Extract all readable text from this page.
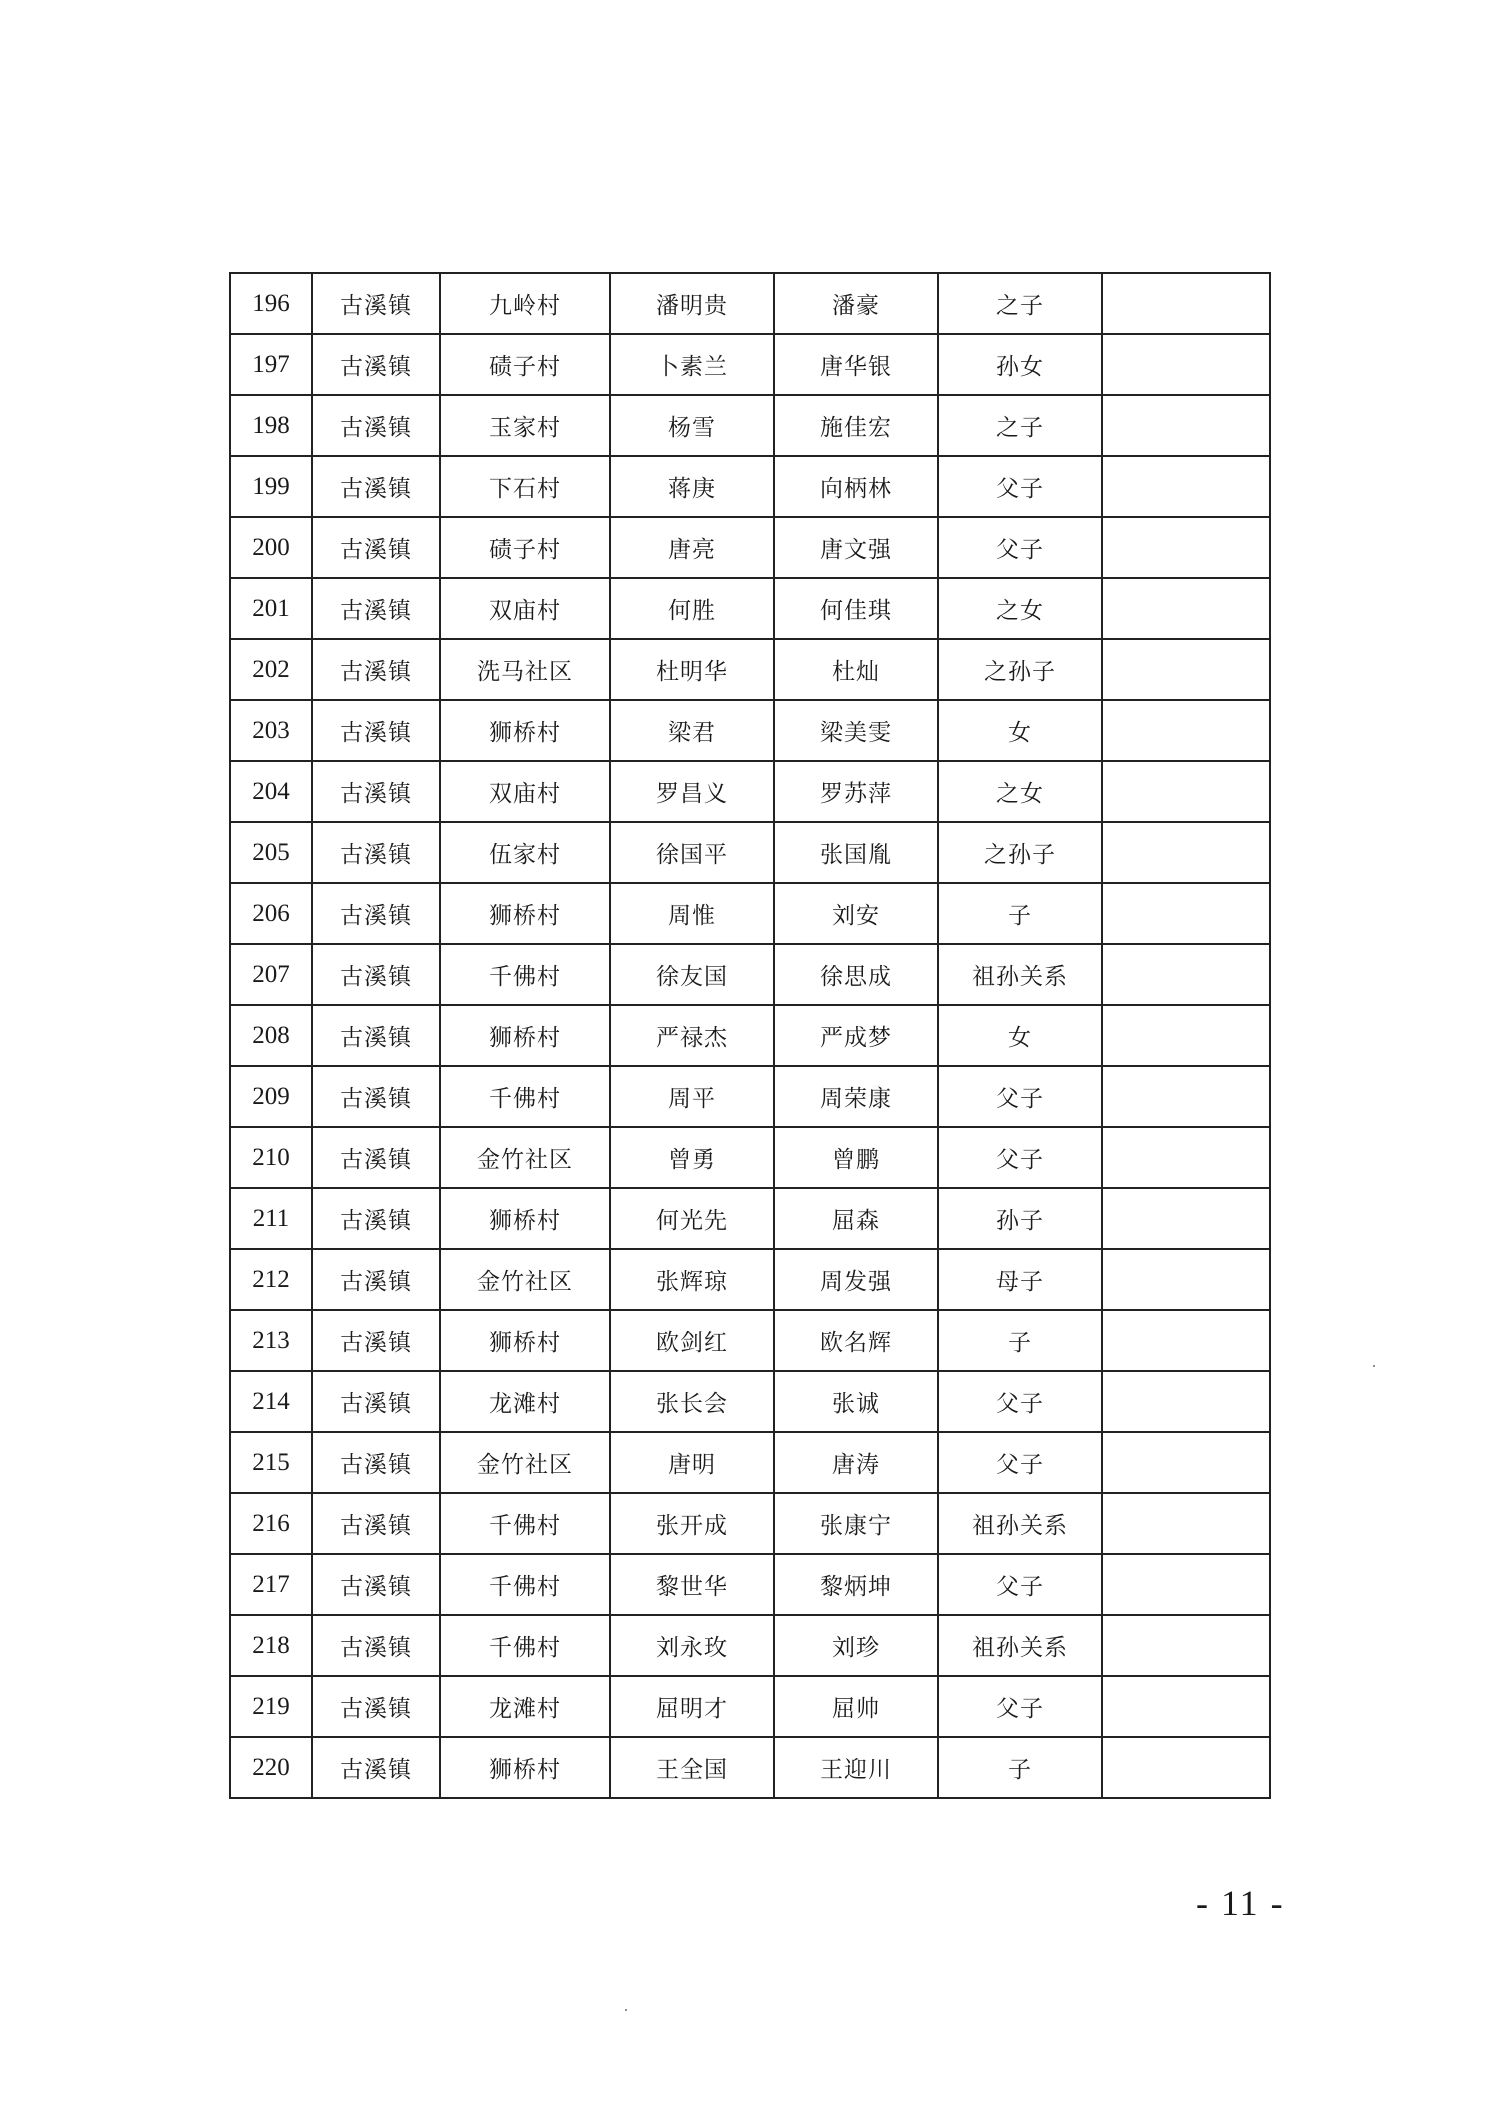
196	古溪镇	九岭村	潘明贵	潘豪	之子	
197	古溪镇	碛子村	卜素兰	唐华银	孙女	
198	古溪镇	玉家村	杨雪	施佳宏	之子	
199	古溪镇	下石村	蒋庚	向柄林	父子	
200	古溪镇	碛子村	唐亮	唐文强	父子	
201	古溪镇	双庙村	何胜	何佳琪	之女	
202	古溪镇	洗马社区	杜明华	杜灿	之孙子	
203	古溪镇	狮桥村	梁君	梁美雯	女	
204	古溪镇	双庙村	罗昌义	罗苏萍	之女	
205	古溪镇	伍家村	徐国平	张国胤	之孙子	
206	古溪镇	狮桥村	周惟	刘安	子	
207	古溪镇	千佛村	徐友国	徐思成	祖孙关系	
208	古溪镇	狮桥村	严禄杰	严成梦	女	
209	古溪镇	千佛村	周平	周荣康	父子	
210	古溪镇	金竹社区	曾勇	曾鹏	父子	
211	古溪镇	狮桥村	何光先	屈森	孙子	
212	古溪镇	金竹社区	张辉琼	周发强	母子	
213	古溪镇	狮桥村	欧剑红	欧名辉	子	
214	古溪镇	龙滩村	张长会	张诚	父子	
215	古溪镇	金竹社区	唐明	唐涛	父子	
216	古溪镇	千佛村	张开成	张康宁	祖孙关系	
217	古溪镇	千佛村	黎世华	黎炳坤	父子	
218	古溪镇	千佛村	刘永玫	刘珍	祖孙关系	
219	古溪镇	龙滩村	屈明才	屈帅	父子	
220	古溪镇	狮桥村	王全国	王迎川	子	
- 11 -
